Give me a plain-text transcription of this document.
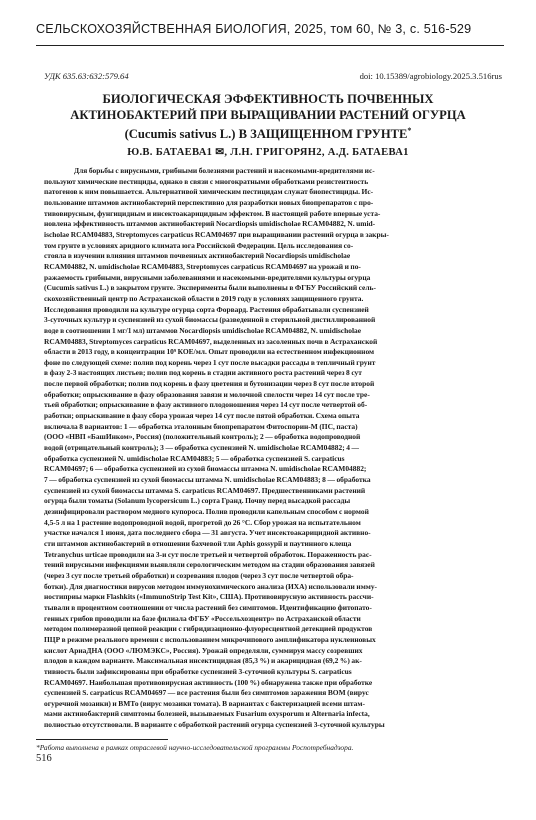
СЕЛЬСКОХОЗЯЙСТВЕННАЯ БИОЛОГИЯ, 2025, том 60, № 3, с. 516-529
УДК 635.63:632:579.64	doi: 10.15389/agrobiology.2025.3.516rus
БИОЛОГИЧЕСКАЯ ЭФФЕКТИВНОСТЬ ПОЧВЕННЫХ
АКТИНОБАКТЕРИЙ ПРИ ВЫРАЩИВАНИИ РАСТЕНИЙ ОГУРЦА
(Cucumis sativus L.) В ЗАЩИЩЕННОМ ГРУНТЕ*
Ю.В. БАТАЕВА1 ✉, Л.Н. ГРИГОРЯН2, А.Д. БАТАЕВА1
Для борьбы с вирусными, грибными болезнями растений и насекомыми-вредителями ис-
пользуют химические пестициды, однако в связи с многократными обработками резистентность
патогенов к ним повышается. Альтернативой химическим пестицидам служат биопестициды. Ис-
пользование штаммов актинобактерий перспективно для разработки новых биопрепаратов с про-
тивовирусным, фунгицидным и инсектоакарицидным эффектом. В настоящей работе впервые уста-
новлена эффективность штаммов актинобактерий Nocardiopsis umidischolae RCAM04882, N. umid-
ischolae RCAM04883, Streptomyces carpaticus RCAM04697 при выращивании растений огурца в закры-
том грунте в условиях аридного климата юга Российской Федерации. Цель исследования со-
стояла в изучении влияния штаммов почвенных актинобактерий Nocardiopsis umidischolae
RCAM04882, N. umidischolae RCAM04883, Streptomyces carpaticus RCAM04697 на урожай и по-
ражаемость грибными, вирусными заболеваниями и насекомыми-вредителями культуры огурца
(Cucumis sativus L.) в закрытом грунте. Эксперименты были выполнены в ФГБУ Российский сель-
скохозяйственный центр по Астраханской области в 2019 году в условиях защищенного грунта.
Исследования проводили на культуре огурца сорта Форвард. Растения обрабатывали суспензией
3-суточных культур и суспензией из сухой биомассы (разведенной в стерильной дистиллированной
воде в соотношении 1 мг/1 мл) штаммов Nocardiopsis umidischolae RCAM04882, N. umidischolae
RCAM04883, Streptomyces carpaticus RCAM04697, выделенных из засоленных почв в Астраханской
области в 2013 году, в концентрации 10⁹ КОЕ/мл. Опыт проводили на естественном инфекционном
фоне по следующей схеме: полив под корень через 1 сут после высадки рассады в тепличный грунт
в фазу 2-3 настоящих листьев; полив под корень в стадии активного роста растений через 8 сут
после первой обработки; полив под корень в фазу цветения и бутонизации через 8 сут после второй
обработки; опрыскивание в фазу образования завязи и молочной спелости через 14 сут после тре-
тьей обработки; опрыскивание в фазу активного плодоношения через 14 сут после четвертой об-
работки; опрыскивание в фазу сбора урожая через 14 сут после пятой обработки. Схема опыта
включала 8 вариантов: 1 — обработка эталонным биопрепаратом Фитоспорин-М (ПС, паста)
(ООО «НВП «БашИнком», Россия) (положительный контроль); 2 — обработка водопроводной
водой (отрицательный контроль); 3 — обработка суспензией N. umidischolae RCAM04882; 4 —
обработка суспензией N. umidischolae RCAM04883; 5 — обработка суспензией S. carpaticus
RCAM04697; 6 — обработка суспензией из сухой биомассы штамма N. umidischolae RCAM04882;
7 — обработка суспензией из сухой биомассы штамма N. umidischolae RCAM04883; 8 — обработка
суспензией из сухой биомассы штамма S. carpaticus RCAM04697. Предшественниками растений
огурца были томаты (Solanum lycopersicum L.) сорта Гранд. Почву перед высадкой рассады
дезинфицировали раствором медного купороса. Полив проводили капельным способом с нормой
4,5-5 л на 1 растение водопроводной водой, прогретой до 26 °С. Сбор урожая на испытательном
участке начался 1 июня, дата последнего сбора — 31 августа. Учет инсектоакарицидной активно-
сти штаммов актинобактерий в отношении бахчевой тли Aphis gossypii и паутинного клеща
Tetranychus urticae проводили на 3-и сут после третьей и четвертой обработок. Пораженность рас-
тений вирусными инфекциями выявляли серологическим методом на стадии образования завязей
(через 3 сут после третьей обработки) и созревания плодов (через 3 сут после четвертой обра-
ботки). Для диагностики вирусов методом иммунохимического анализа (ИХА) использовали имму-
ностиприы марки Flashkits («ImmunoStrip Test Kit», США). Противовирусную активность рассчи-
тывали в процентном соотношении от числа растений без симптомов. Идентификацию фитопато-
генных грибов проводили на базе филиала ФГБУ «Россельхозцентр» по Астраханской области
методом полимеразной цепной реакции с гибридизационно-флуоресцентной детекцией продуктов
ПЦР в режиме реального времени с использованием микрочипового амплификатора нуклеиновых
кислот АриаДНА (ООО «ЛЮМЭКС», Россия). Урожай определяли, суммируя массу созревших
плодов в каждом варианте. Максимальная инсектицидная (85,3 %) и акарицидная (69,2 %) ак-
тивность были зафиксированы при обработке суспензией 3-суточной культуры S. carpaticus
RCAM04697. Наибольшая противовирусная активность (100 %) обнаружена также при обработке
суспензией S. carpaticus RCAM04697 — все растения были без симптомов заражения ВОМ (вирус
огуречной мозаики) и ВМТо (вирус мозаики томата). В вариантах с бактеризацией всеми штам-
мами актинобактерий симптомы болезней, вызываемых Fusarium oxysporum и Alternaria infecta,
полностью отсутствовали. В варианте с обработкой растений огурца суспензией 3-суточной культуры
*Работа выполнена в рамках отраслевой научно-исследовательской программы Роспотребнадзора.
516
